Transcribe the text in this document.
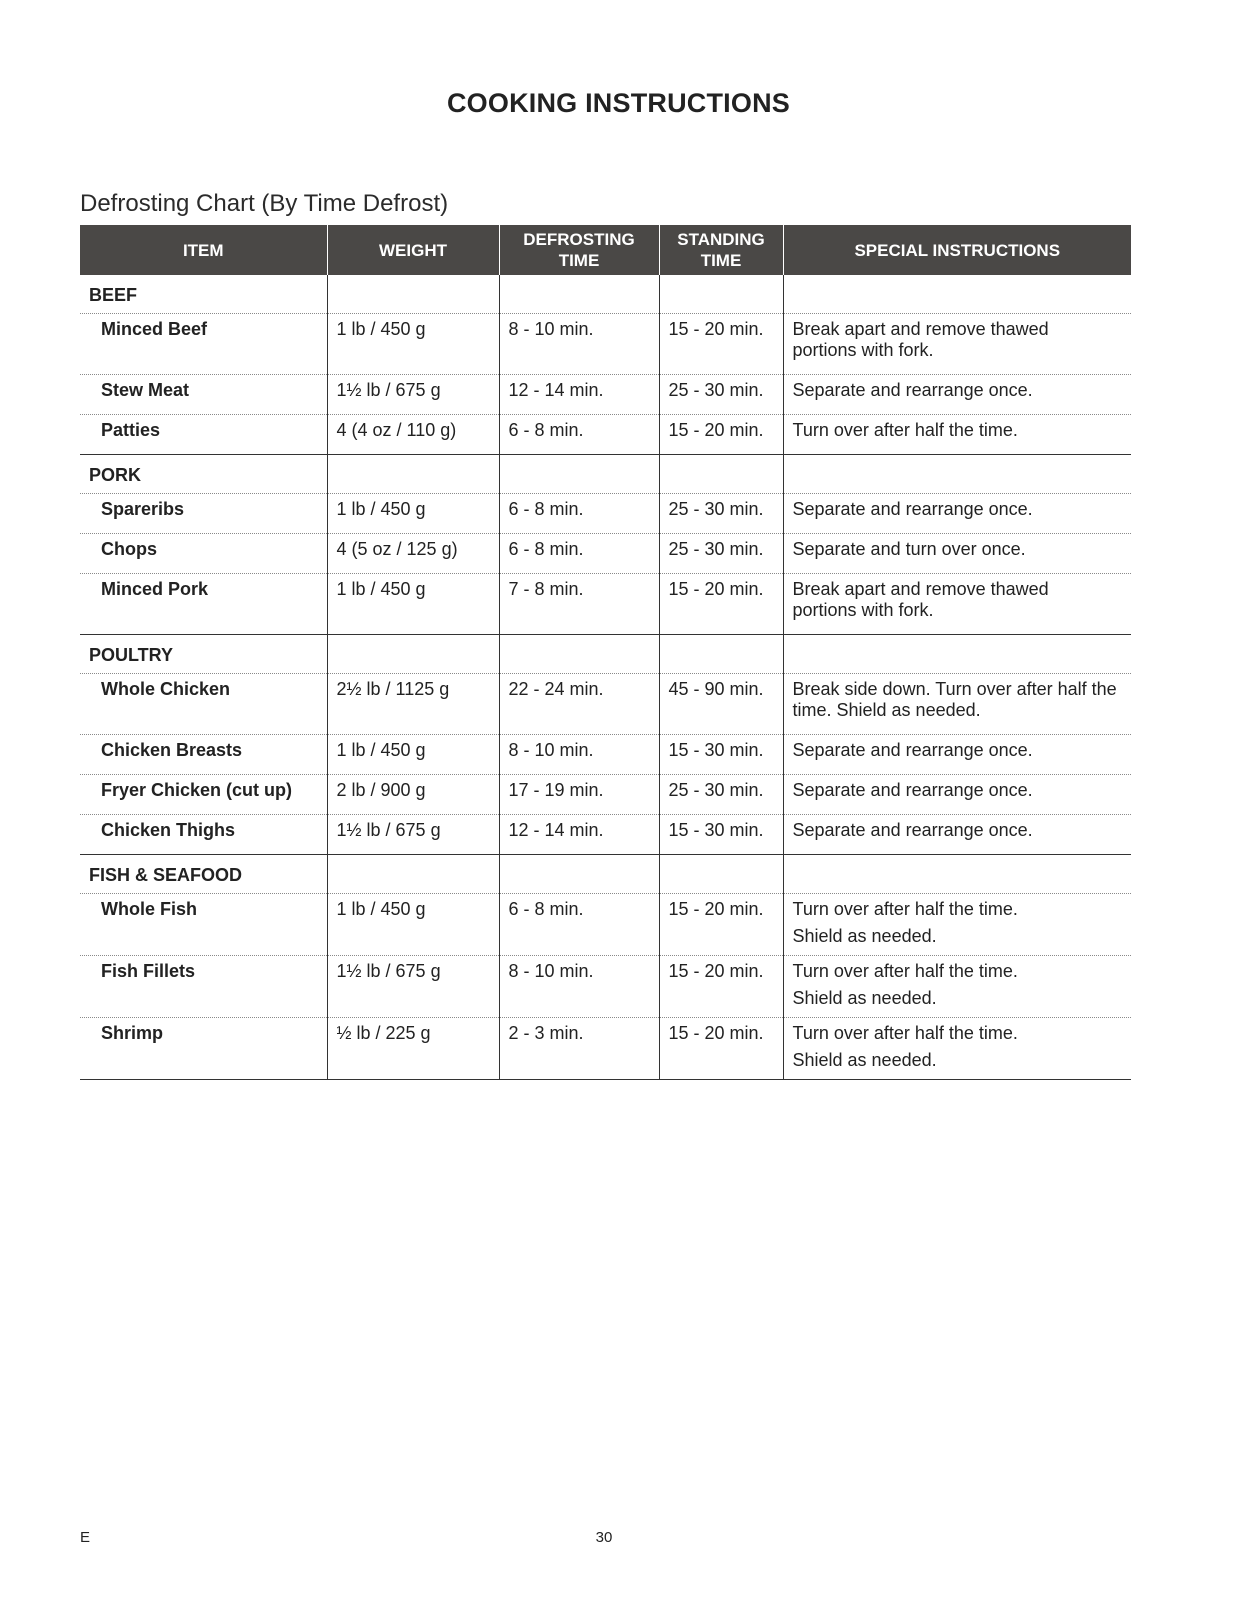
COOKING INSTRUCTIONS
Defrosting Chart (By Time Defrost)
ITEM	WEIGHT	DEFROSTING TIME	STANDING TIME	SPECIAL INSTRUCTIONS
BEEF				
Minced Beef	1 lb / 450 g	8 - 10 min.	15 - 20 min.	Break apart and remove thawed
portions with fork.

Stew Meat	1½ lb / 675 g	12 - 14 min.	25 - 30 min.	Separate and rearrange once.
Patties	4 (4 oz / 110 g)	6 - 8 min.	15 - 20 min.	Turn over after half the time.
PORK				
Spareribs	1 lb / 450 g	6 - 8 min.	25 - 30 min.	Separate and rearrange once.
Chops	4 (5 oz / 125 g)	6 - 8 min.	25 - 30 min.	Separate and turn over once.
Minced Pork	1 lb / 450 g	7 - 8 min.	15 - 20 min.	Break apart and remove thawed
portions with fork.

POULTRY				
Whole Chicken	2½ lb / 1125 g	22 - 24 min.	45 - 90 min.	Break side down. Turn over after half the
time. Shield as needed.

Chicken Breasts	1 lb / 450 g	8 - 10 min.	15 - 30 min.	Separate and rearrange once.
Fryer Chicken (cut up)	2 lb / 900 g	17 - 19 min.	25 - 30 min.	Separate and rearrange once.
Chicken Thighs	1½ lb / 675 g	12 - 14 min.	15 - 30 min.	Separate and rearrange once.
FISH & SEAFOOD				
Whole Fish	1 lb / 450 g	6 - 8 min.	15 - 20 min.	Turn over after half the time.
Shield as needed.

Fish Fillets	1½ lb / 675 g	8 - 10 min.	15 - 20 min.	Turn over after half the time.
Shield as needed.

Shrimp	½ lb / 225 g	2 - 3 min.	15 - 20 min.	Turn over after half the time.
Shield as needed.
E	30
